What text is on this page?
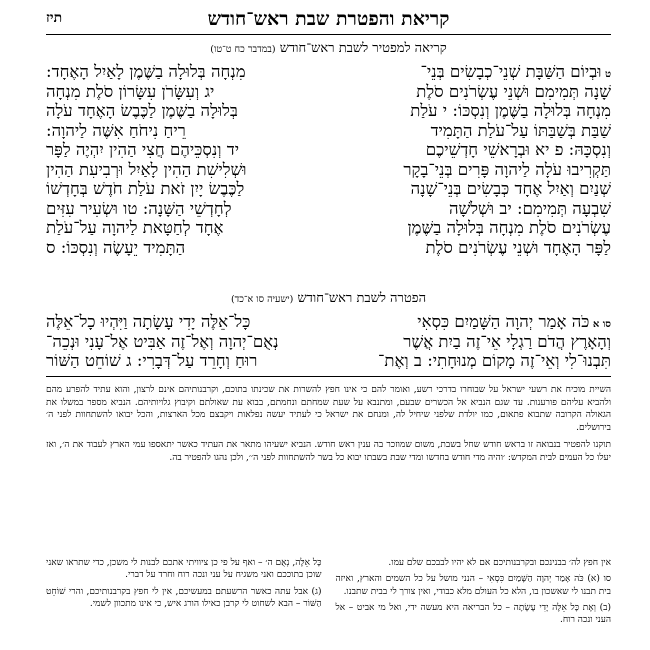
קריאת והפטרת שבת ראש־חודש
תיז
קריאה למפטיר לשבת ראש־חודש (במדבר כח ט־טו)
ט וּבְיוֹם הַשַּׁבָּת שְׁנֵי־כְבָשִׂים בְּנֵי־
מִנְחָה בְּלוּלָה בַשֶּׁמֶן לָאַיִל הָאֶחָד:
שָׁנָה תְּמִימִם וּשְׁנֵי עֶשְׂרֹנִים סֹלֶת
יג וְעִשָּׂרֹן עִשָּׂרוֹן סֹלֶת מִנְחָה
מִנְחָה בְּלוּלָה בַשֶּׁמֶן וְנִסְכּוֹ: י עֹלַת
בְּלוּלָה בַשֶּׁמֶן לַכֶּבֶשׂ הָאֶחָד עֹלָה
שַׁבַּת בְּשַׁבַּתּוֹ עַל־עֹלַת הַתָּמִיד
רֵיחַ נִיחֹחַ אִשֶּׁה לַיהוָה:
וְנִסְכָּהּ: פ יא וּבְרָאשֵׁי חָדְשֵׁיכֶם
יד וְנִסְכֵּיהֶם חֲצִי הַהִין יִהְיֶה לַפָּר
תַּקְרִיבוּ עֹלָה לַיהוָה פָּרִים בְּנֵי־בָקָר
וּשְׁלִישִׁת הַהִין לָאַיִל וּרְבִיעִת הַהִין
שְׁנַיִם וְאַיִל אֶחָד כְּבָשִׂים בְּנֵי־שָׁנָה
לַכֶּבֶשׂ יָיִן זֹאת עֹלַת חֹדֶשׁ בְּחָדְשׁוֹ
שִׁבְעָה תְּמִימִם: יב וּשְׁלֹשָׁה
לְחָדְשֵׁי הַשָּׁנָה: טו וּשְׂעִיר עִזִּים
עֶשְׂרֹנִים סֹלֶת מִנְחָה בְּלוּלָה בַשֶּׁמֶן
אֶחָד לְחַטָּאת לַיהוָה עַל־עֹלַת
לַפָּר הָאֶחָד וּשְׁנֵי עֶשְׂרֹנִים סֹלֶת
הַתָּמִיד יֵעָשֶׂה וְנִסְכּוֹ: ס
הפטרה לשבת ראש־חודש (ישעיה סו א־כד)
סו א כֹּה אָמַר יְהוָה הַשָּׁמַיִם כִּסְאִי
כָּל־אֵלֶּה יָדִי עָשָׂתָה וַיִּהְיוּ כָל־אֵלֶּה
וְהָאָרֶץ הֲדֹם רַגְלָי אֵי־זֶה בַיִת אֲשֶׁר
נְאֻם־יְהוָה וְאֶל־זֶה אַבִּיט אֶל־עָנִי וּנְכֵה־
תִּבְנוּ־לִי וְאֵי־זֶה מָקוֹם מְנוּחָתִי: ב וְאֶת־
רוּחַ וְחָרֵד עַל־דְּבָרִי: ג שׁוֹחֵט הַשּׁוֹר

השיית מוכיח את רשעי ישראל על שבוחרו בדרכי רשע, ואומר להם כי אינו חפץ להשרות את שכינתו בתוכם, וקרבנותיהם אינם לרצון, והוא עתיד להפרע מהם ולהביא עליהם פורענות. עד שגם הנביא אל הכשרים שבעם, ומתנבא על שעת שמחתם ונחמתם, בבוא עת שאולתם וקיבוץ גלויותיהם. הנביא מספר במשלו את הגאולה הקרובה שתבוא פתאום, כמו יולדת שלפני שיחיל לה, ומנחם את ישראל כי לעתיד יעשה נפלאות ויקבצם מכל הארצות, והכל יבואו להשתחוות לפני ה׳ בירושלים.

תוקנו להפטיר בנבואה זו בראש חודש שחל בשבת, משום שמוזכר בה ענין ראש חודש. הנביא ישעיהו מתאר את העתיד כאשר יתאספו עמי הארץ לעבוד את ה׳, ואז יעלו כל העמים לבית המקדש: ׳והיה מדי חודש בחדשו ומדי שבת בשבתו יבוא כל בשר להשתחוות לפני ה׳׳, ולכן נהגו להפטיר בה.

אין חפץ לה׳ בבנינכם ובקרבנותיכם אם לא יהיו לבבכם שלם עמו.

סו (א) כֹּה אָמַר יְהוָה הַשָּׁמַיִם כִּסְאִי – הנני מושל על כל השמים והארץ, ואיזה בית תבנו לי שאשכון בו, הלא כל העולם מלא כבודי, ואין צורך לי בבית שתבנו.

(ב) וְאֶת כָּל אֵלֶּה יָדִי עָשָׂתָה – כל הבריאה היא מעשה ידי, ואל מי אביט – אל העני ונכה רוח.

כָּל אֵלֶּה, נְאֻם ה׳ – ואף על פי כן ציוויתי אתכם לבנות לי משכן, כדי שתראו שאני שוכן בתוככם ואני משגיח על עני ונכה רוח וחרד על דברי.

(ג) אבל עתה כאשר הרשעתם במעשיכם, אין לי חפץ בקרבנותיכם, והרי שׁוֹחֵט הַשּׁוֹר – הבא לשחוט לי קרבן כאילו הורג איש, כי אינו מתכוון לשמי.
